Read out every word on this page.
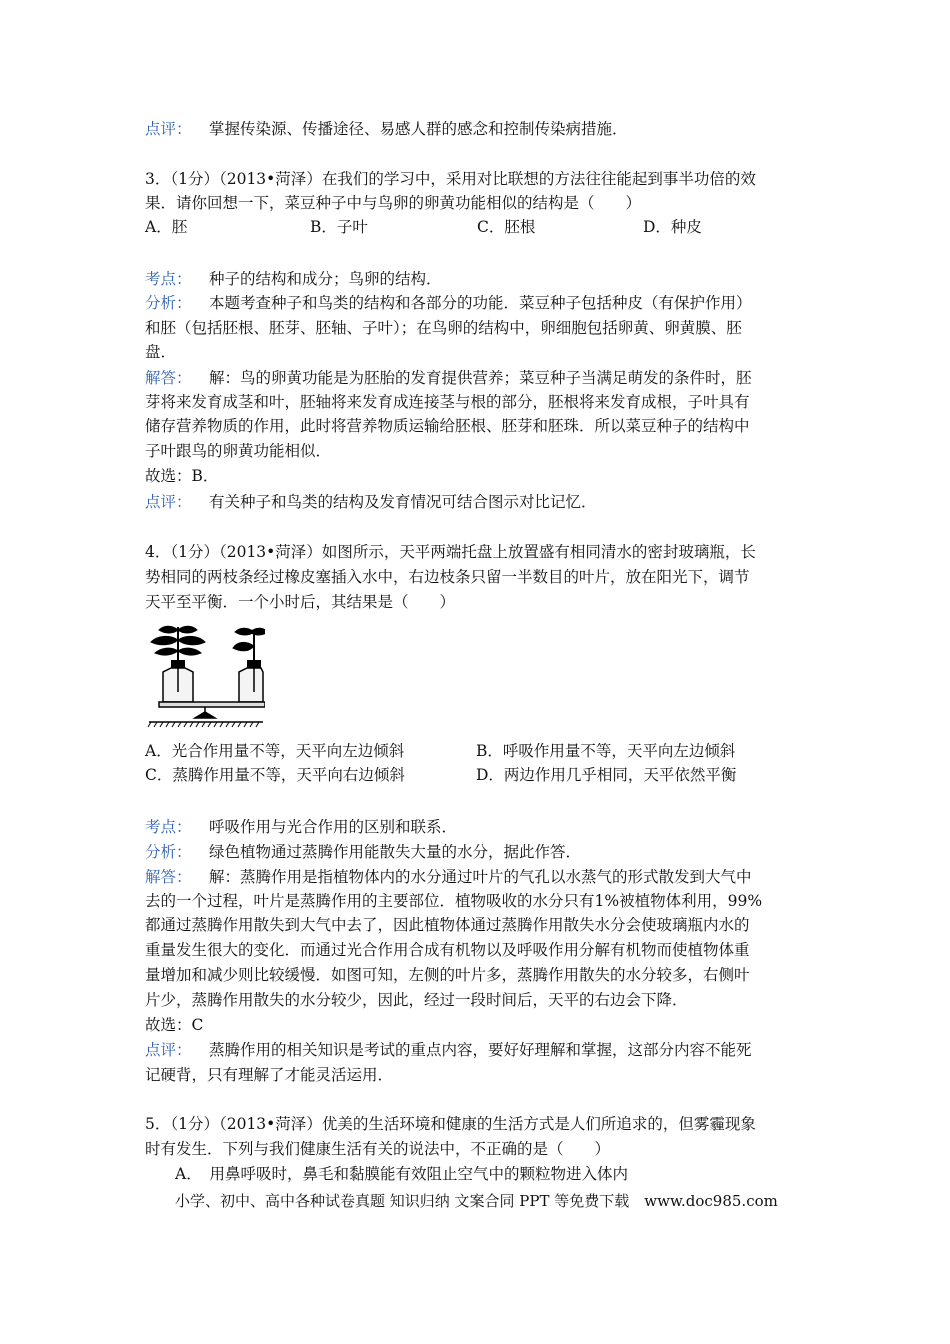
点评： 掌握传染源、传播途径、易感人群的感念和控制传染病措施．
3．（1分）（2013•菏泽）在我们的学习中，采用对比联想的方法往往能起到事半功倍的效
果．请你回想一下，菜豆种子中与鸟卵的卵黄功能相似的结构是（　　）
A．胚	B．子叶	C．胚根	D．种皮
考点： 种子的结构和成分；鸟卵的结构．
分析： 本题考查种子和鸟类的结构和各部分的功能．菜豆种子包括种皮（有保护作用）
和胚（包括胚根、胚芽、胚轴、子叶）；在鸟卵的结构中，卵细胞包括卵黄、卵黄膜、胚
盘．
解答： 解：鸟的卵黄功能是为胚胎的发育提供营养；菜豆种子当满足萌发的条件时，胚
芽将来发育成茎和叶，胚轴将来发育成连接茎与根的部分，胚根将来发育成根，子叶具有
储存营养物质的作用，此时将营养物质运输给胚根、胚芽和胚珠．所以菜豆种子的结构中
子叶跟鸟的卵黄功能相似．
故选：B．
点评： 有关种子和鸟类的结构及发育情况可结合图示对比记忆．
4．（1分）（2013•菏泽）如图所示，天平两端托盘上放置盛有相同清水的密封玻璃瓶，长
势相同的两枝条经过橡皮塞插入水中，右边枝条只留一半数目的叶片，放在阳光下，调节
天平至平衡．一个小时后，其结果是（　　）
A．光合作用量不等，天平向左边倾斜	B．呼吸作用量不等，天平向左边倾斜
C．蒸腾作用量不等，天平向右边倾斜	D．两边作用几乎相同，天平依然平衡
考点： 呼吸作用与光合作用的区别和联系．
分析： 绿色植物通过蒸腾作用能散失大量的水分，据此作答．
解答： 解：蒸腾作用是指植物体内的水分通过叶片的气孔以水蒸气的形式散发到大气中
去的一个过程，叶片是蒸腾作用的主要部位．植物吸收的水分只有1%被植物体利用，99%
都通过蒸腾作用散失到大气中去了，因此植物体通过蒸腾作用散失水分会使玻璃瓶内水的
重量发生很大的变化．而通过光合作用合成有机物以及呼吸作用分解有机物而使植物体重
量增加和减少则比较缓慢．如图可知，左侧的叶片多，蒸腾作用散失的水分较多，右侧叶
片少，蒸腾作用散失的水分较少，因此，经过一段时间后，天平的右边会下降．
故选：C
点评： 蒸腾作用的相关知识是考试的重点内容，要好好理解和掌握，这部分内容不能死
记硬背，只有理解了才能灵活运用．
5．（1分）（2013•菏泽）优美的生活环境和健康的生活方式是人们所追求的，但雾霾现象
时有发生．下列与我们健康生活有关的说法中，不正确的是（　　）
A．　用鼻呼吸时，鼻毛和黏膜能有效阻止空气中的颗粒物进入体内
小学、初中、高中各种试卷真题 知识归纳 文案合同 PPT 等免费下载　www.doc985.com
